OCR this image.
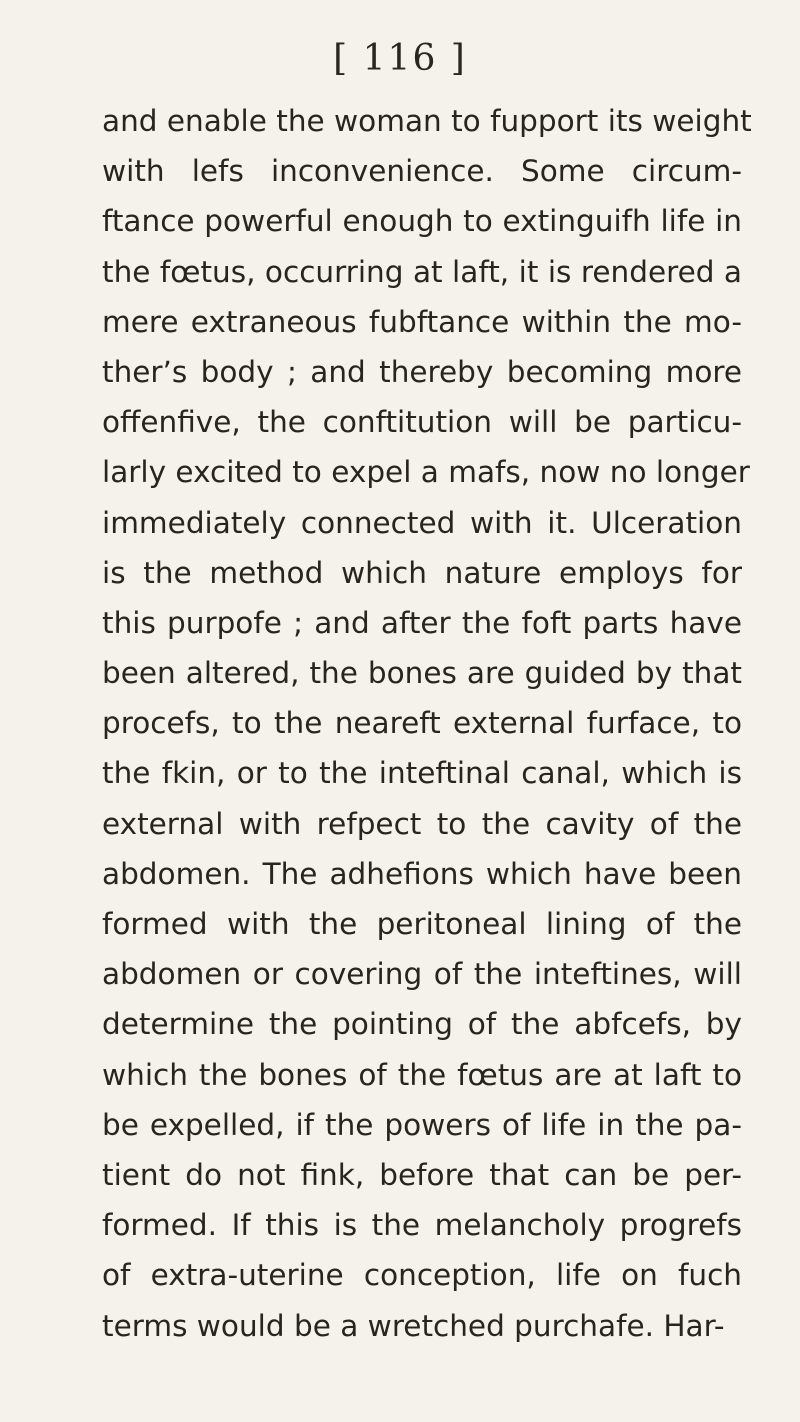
[ 116 ]
and enable the woman to fupport its weight
with lefs inconvenience. Some circum-
ftance powerful enough to extinguifh life in
the fœtus, occurring at laft, it is rendered a
mere extraneous fubftance within the mo-
ther’s body ; and thereby becoming more
offenfive, the conftitution will be particu-
larly excited to expel a mafs, now no longer
immediately connected with it. Ulceration
is the method which nature employs for
this purpofe ; and after the foft parts have
been altered, the bones are guided by that
procefs, to the neareft external furface, to
the fkin, or to the inteftinal canal, which is
external with refpect to the cavity of the
abdomen. The adhefions which have been
formed with the peritoneal lining of the
abdomen or covering of the inteftines, will
determine the pointing of the abfcefs, by
which the bones of the fœtus are at laft to
be expelled, if the powers of life in the pa-
tient do not fink, before that can be per-
formed. If this is the melancholy progrefs
of extra-uterine conception, life on fuch
terms would be a wretched purchafe. Har-
